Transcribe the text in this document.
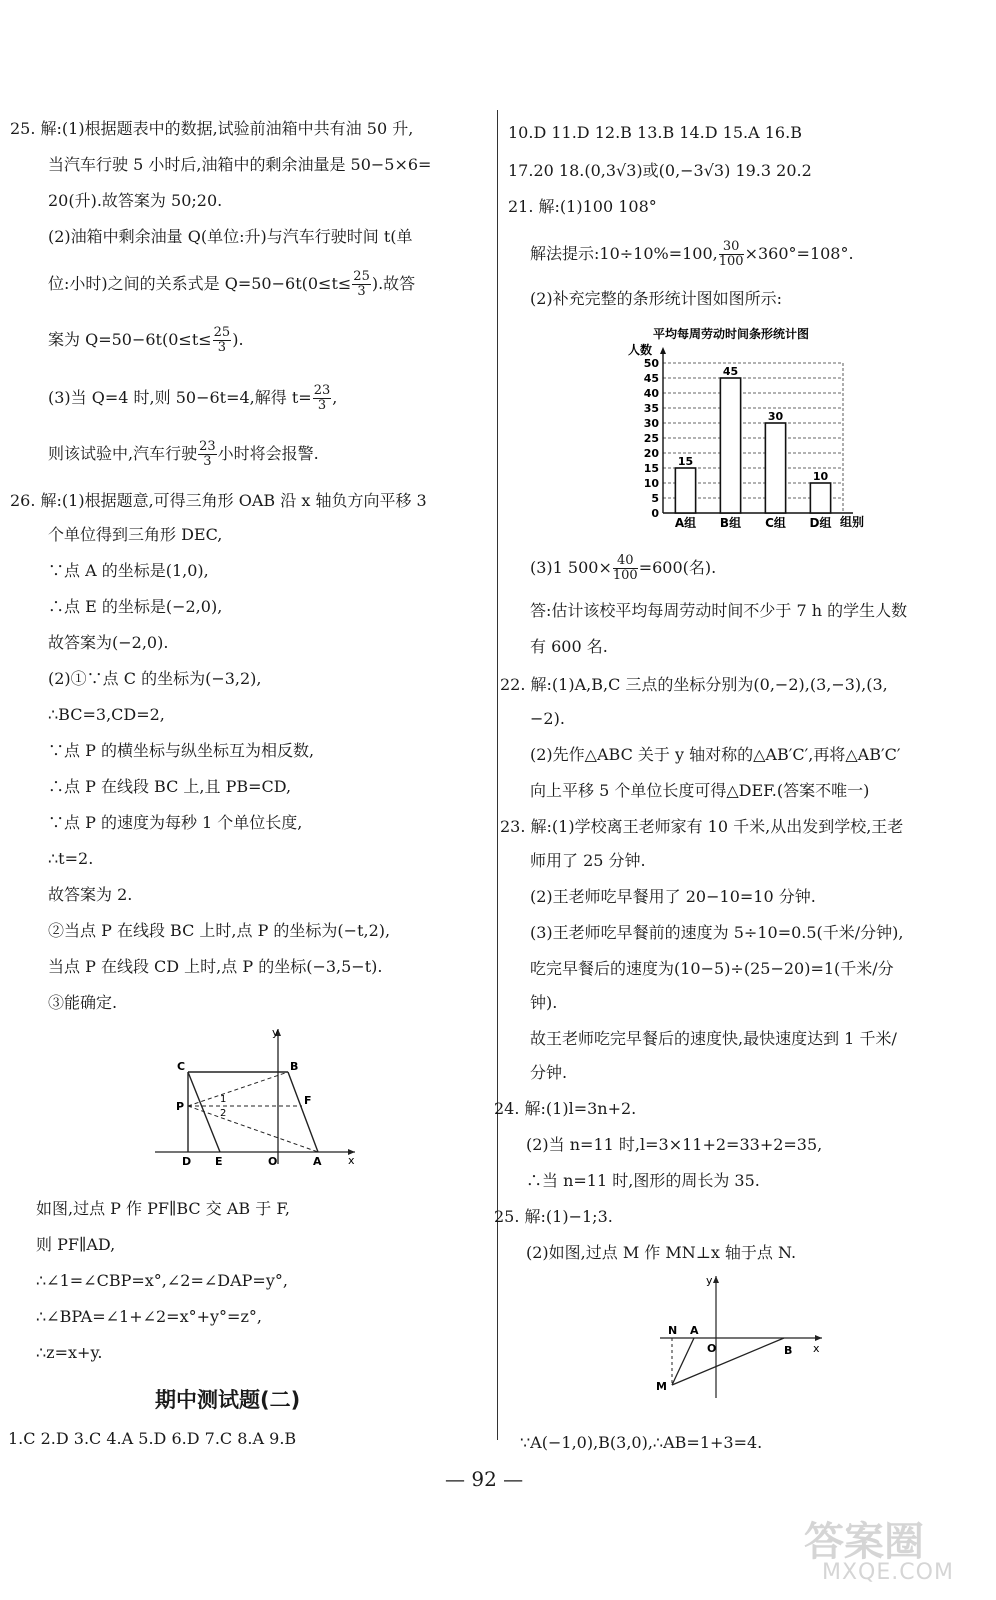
25. 解:(1)根据题表中的数据,试验前油箱中共有油 50 升,
当汽车行驶 5 小时后,油箱中的剩余油量是 50−5×6=
20(升).故答案为 50;20.
(2)油箱中剩余油量 Q(单位:升)与汽车行驶时间 t(单
位:小时)之间的关系式是 $Q=50-6t(0\le t\le \frac{25}{3}$ ).故答
案为 $Q=50-6t(0\le t\le \frac{25}{3}$ ).
(3)当 Q=4 时,则 50−6t=4,解得 $t= \frac{23}{3}$ ,
则该试验中,汽车行驶 $\frac{23}{3}$ 小时将会报警.
26. 解:(1)根据题意,可得三角形 OAB 沿 x 轴负方向平移 3
个单位得到三角形 DEC,
∵点 A 的坐标是(1,0),
∴点 E 的坐标是(−2,0),
故答案为(−2,0).
(2)①∵点 C 的坐标为(−3,2),
∴BC=3,CD=2,
∵点 P 的横坐标与纵坐标互为相反数,
∴点 P 在线段 BC 上,且 PB=CD,
∵点 P 的速度为每秒 1 个单位长度,
∴t=2.
故答案为 2.
②当点 P 在线段 BC 上时,点 P 的坐标为(−t,2),
当点 P 在线段 CD 上时,点 P 的坐标(−3,5−t).
③能确定.
y
x
C	B
P	F
1
2
D E	O	A
如图,过点 P 作 PF∥BC 交 AB 于 F,
则 PF∥AD,
∴∠1=∠CBP=x°,∠2=∠DAP=y°,
∴∠BPA=∠1+∠2=x°+y°=z°,
∴z=x+y.
期中测试题(二)
1.C 2.D 3.C 4.A 5.D 6.D 7.C 8.A 9.B
10.D 11.D 12.B 13.B 14.D 15.A 16.B
17.20 18.(0,3√3)或(0,−3√3) 19.3 20.2
21. 解:(1)100 108°
解法提示:10÷10%=100, $\frac{30}{100} \times 360^\circ=108^\circ$.
(2)补充完整的条形统计图如图所示:
平均每周劳动时间条形统计图
人数
组别
0
5
10
15
20
25
30
35
40
45
50
15
A组
45
B组
30
C组
10
D组
(3)1 $500\times \frac{40}{100} =600$(名).
答:估计该校平均每周劳动时间不少于 7 h 的学生人数
有 600 名.
22. 解:(1)A,B,C 三点的坐标分别为(0,−2),(3,−3),(3,
−2).
(2)先作△ABC 关于 y 轴对称的△AB′C′,再将△AB′C′
向上平移 5 个单位长度可得△DEF.(答案不唯一)
23. 解:(1)学校离王老师家有 10 千米,从出发到学校,王老
师用了 25 分钟.
(2)王老师吃早餐用了 20−10=10 分钟.
(3)王老师吃早餐前的速度为 5÷10=0.5(千米/分钟),
吃完早餐后的速度为(10−5)÷(25−20)=1(千米/分
钟).
故王老师吃完早餐后的速度快,最快速度达到 1 千米/
分钟.
24. 解:(1)l=3n+2.
(2)当 n=11 时,l=3×11+2=33+2=35,
∴当 n=11 时,图形的周长为 35.
25. 解:(1)−1;3.
(2)如图,过点 M 作 MN⊥x 轴于点 N.
y
x
N A
O	B
M
∵A(−1,0),B(3,0),∴AB=1+3=4.
— 92 —
答案圈
MXQE.COM
